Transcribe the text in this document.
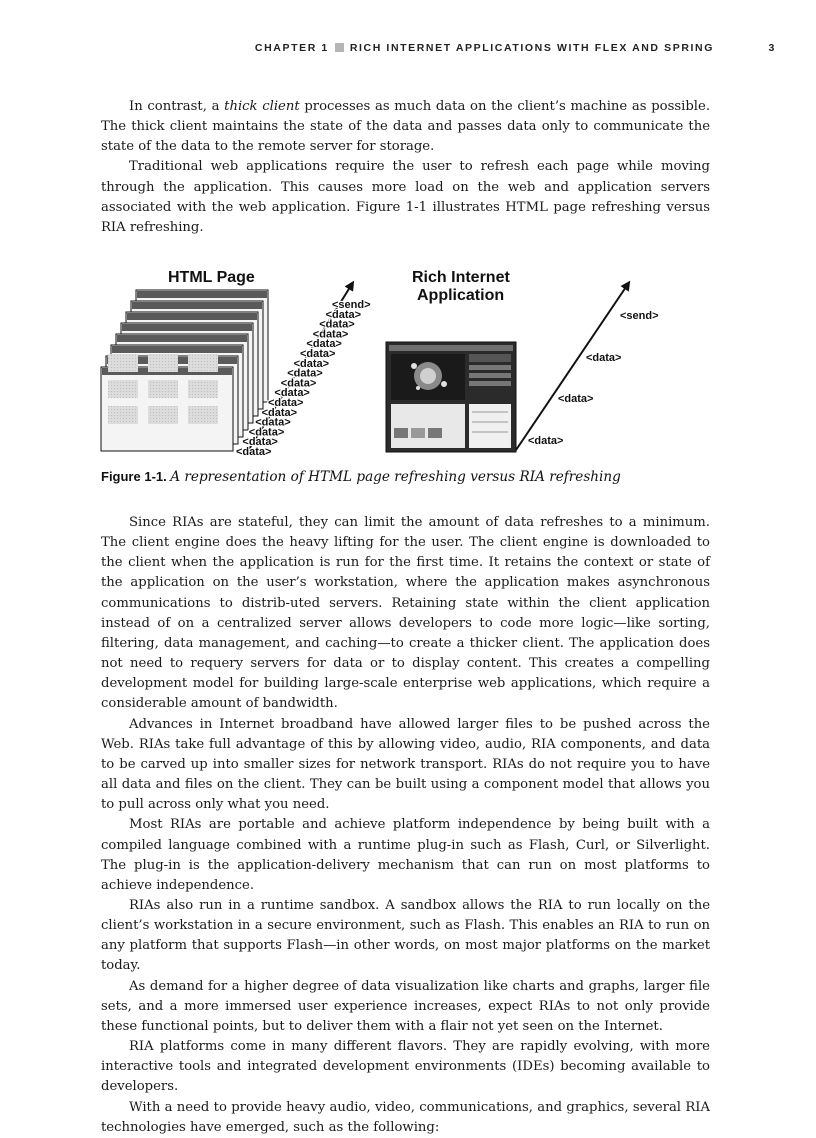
CHAPTER 1 RICH INTERNET APPLICATIONS WITH FLEX AND SPRING	3

In contrast, a thick client processes as much data on the client’s machine as possible. The thick client maintains the state of the data and passes data only to communicate the state of the data to the remote server for storage.

Traditional web applications require the user to refresh each page while moving through the application. This causes more load on the web and application servers associated with the web application. Figure 1-1 illustrates HTML page refreshing versus RIA refreshing.

HTML Page
<send>
<data>
<data>
<data>
<data>
<data>
<data>
<data>
<data>
<data>
<data>
<data>
<data>
<data>
<data>
<data>
Rich Internet
Application
<send>
<data>
<data>
<data>
Figure 1-1. A representation of HTML page refreshing versus RIA refreshing

Since RIAs are stateful, they can limit the amount of data refreshes to a minimum. The client engine does the heavy lifting for the user. The client engine is downloaded to the client when the application is run for the first time. It retains the context or state of the application on the user’s workstation, where the application makes asynchronous communications to distrib-uted servers. Retaining state within the client application instead of on a centralized server allows developers to code more logic—like sorting, filtering, data management, and caching—to create a thicker client. The application does not need to requery servers for data or to display content. This creates a compelling development model for building large-scale enterprise web applications, which require a considerable amount of bandwidth.

Advances in Internet broadband have allowed larger files to be pushed across the Web. RIAs take full advantage of this by allowing video, audio, RIA components, and data to be carved up into smaller sizes for network transport. RIAs do not require you to have all data and files on the client. They can be built using a component model that allows you to pull across only what you need.

Most RIAs are portable and achieve platform independence by being built with a compiled language combined with a runtime plug-in such as Flash, Curl, or Silverlight. The plug-in is the application-delivery mechanism that can run on most platforms to achieve independence.

RIAs also run in a runtime sandbox. A sandbox allows the RIA to run locally on the client’s workstation in a secure environment, such as Flash. This enables an RIA to run on any platform that supports Flash—in other words, on most major platforms on the market today.

As demand for a higher degree of data visualization like charts and graphs, larger file sets, and a more immersed user experience increases, expect RIAs to not only provide these functional points, but to deliver them with a flair not yet seen on the Internet.

RIA platforms come in many different flavors. They are rapidly evolving, with more interactive tools and integrated development environments (IDEs) becoming available to developers.

With a need to provide heavy audio, video, communications, and graphics, several RIA technologies have emerged, such as the following:
